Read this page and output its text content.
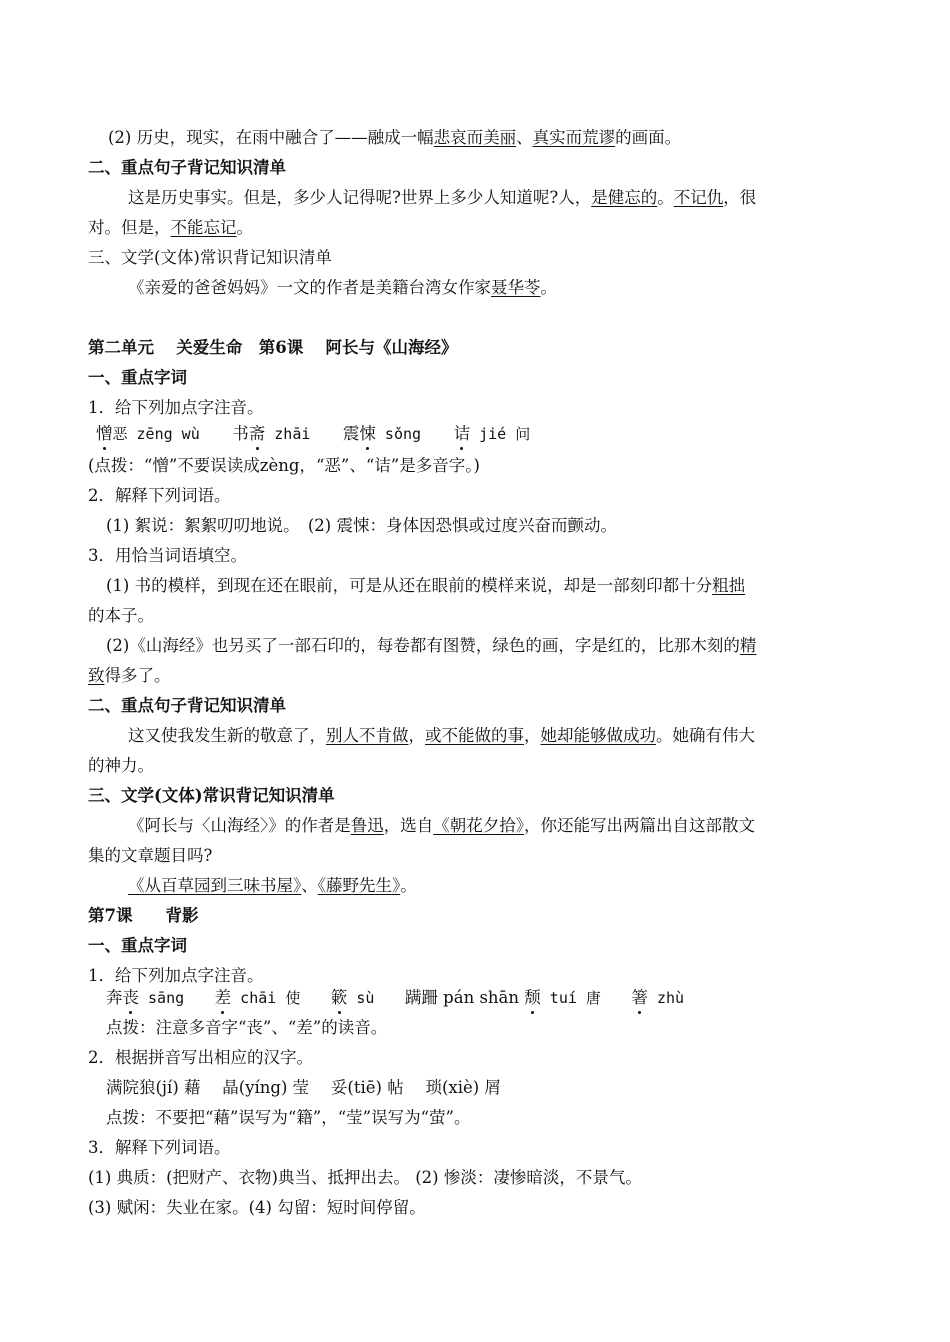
(2) 历史，现实，在雨中融合了——融成一幅悲哀而美丽、真实而荒谬的画面。
二、重点句子背记知识清单
这是历史事实。但是，多少人记得呢?世界上多少人知道呢?人，是健忘的。不记仇，很
对。但是，不能忘记。
三、文学(文体)常识背记知识清单
《亲爱的爸爸妈妈》一文的作者是美籍台湾女作家聂华苓。
第二单元　 关爱生命　第6课　 阿长与《山海经》
一、重点字词
1．给下列加点字注音。
憎恶 zēng wù 书斋 zhāi 震悚 sǒng 诘 jié 问
(点拨：“憎”不要误读成zèng，“恶”、“诘”是多音字。)
2．解释下列词语。
(1) 絮说：絮絮叨叨地说。　(2) 震悚：身体因恐惧或过度兴奋而颤动。
3．用恰当词语填空。
(1) 书的模样，到现在还在眼前，可是从还在眼前的模样来说，却是一部刻印都十分粗拙
的本子。
(2)《山海经》也另买了一部石印的，每卷都有图赞，绿色的画，字是红的，比那木刻的精
致得多了。
二、重点句子背记知识清单
这又使我发生新的敬意了，别人不肯做，或不能做的事，她却能够做成功。她确有伟大
的神力。
三、文学(文体)常识背记知识清单
《阿长与〈山海经〉》的作者是鲁迅，选自《朝花夕拾》，你还能写出两篇出自这部散文
集的文章题目吗?
《从百草园到三味书屋》、《藤野先生》。
第7课　　背影
一、重点字词
1．给下列加点字注音。
奔丧 sāng 差 chāi 使 簌 sù 蹒跚 pán shān 颓 tuí 唐 箸 zhù
点拨：注意多音字“丧”、“差”的读音。
2．根据拼音写出相应的汉字。
满院狼(jí) 藉　 晶(yíng) 莹　 妥(tiē) 帖　 琐(xiè) 屑
点拨：不要把“藉”误写为“籍”，“莹”误写为“萤”。
3．解释下列词语。
(1) 典质：(把财产、衣物)典当、抵押出去。 (2) 惨淡：凄惨暗淡，不景气。
(3) 赋闲：失业在家。(4) 勾留：短时间停留。
